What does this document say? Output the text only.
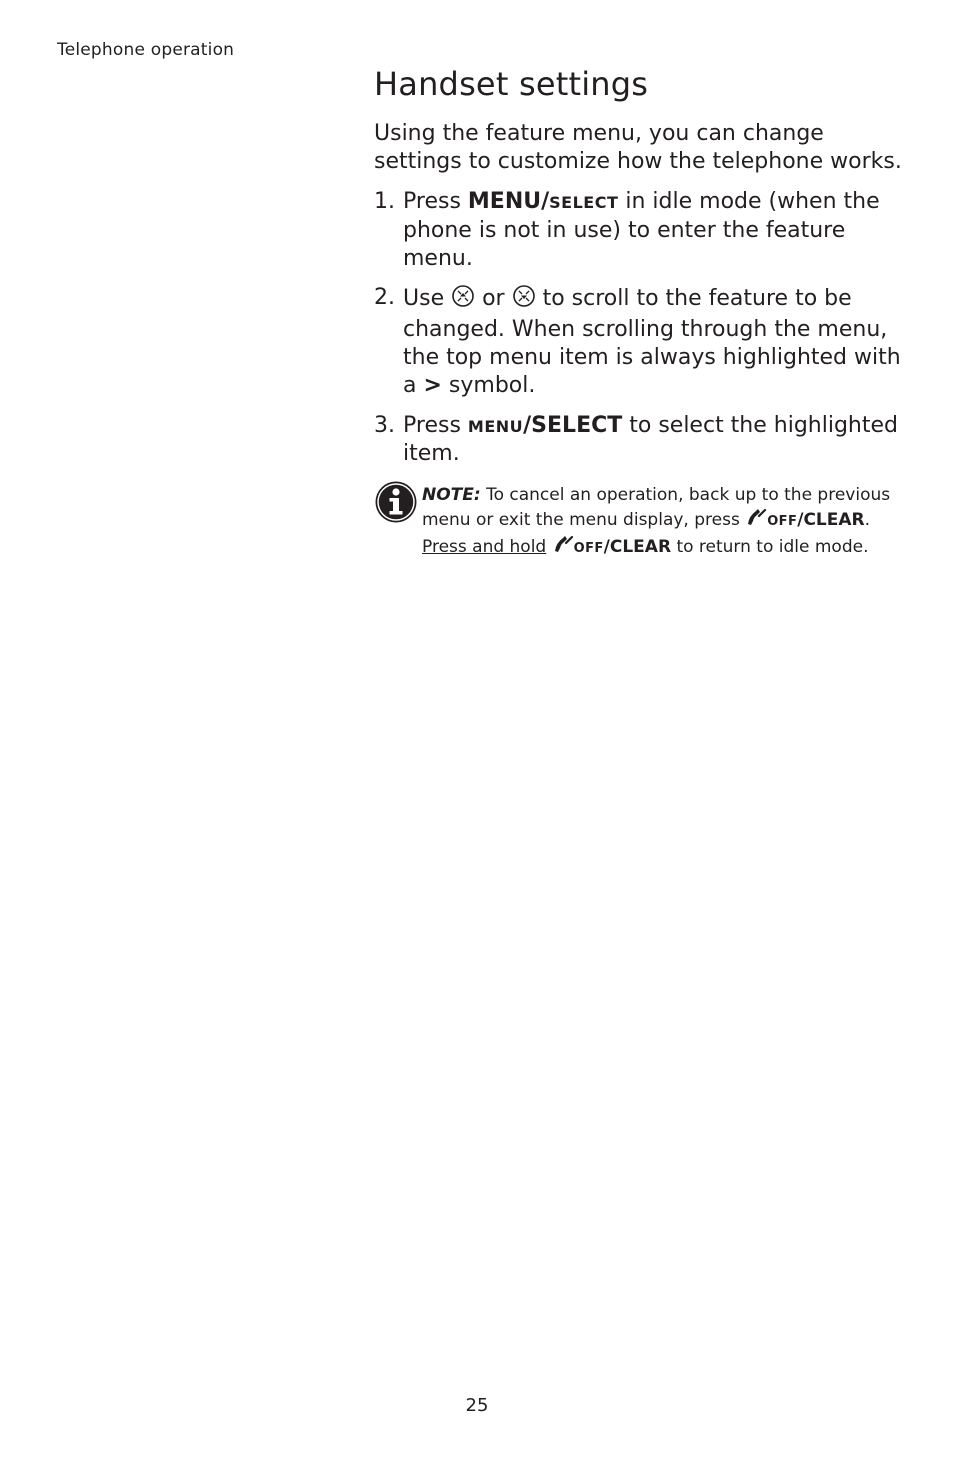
Telephone operation
Handset settings

Using the feature menu, you can change settings to customize how the telephone works.

1. Press MENU/SELECT in idle mode (when the phone is not in use) to enter the feature menu.
2. Use  or  to scroll to the feature to be changed. When scrolling through the menu, the top menu item is always highlighted with a > symbol.
3. Press MENU/SELECT to select the highlighted item.
NOTE: To cancel an operation, back up to the previous menu or exit the menu display, press OFF/CLEAR. Press and hold OFF/CLEAR to return to idle mode.
25
